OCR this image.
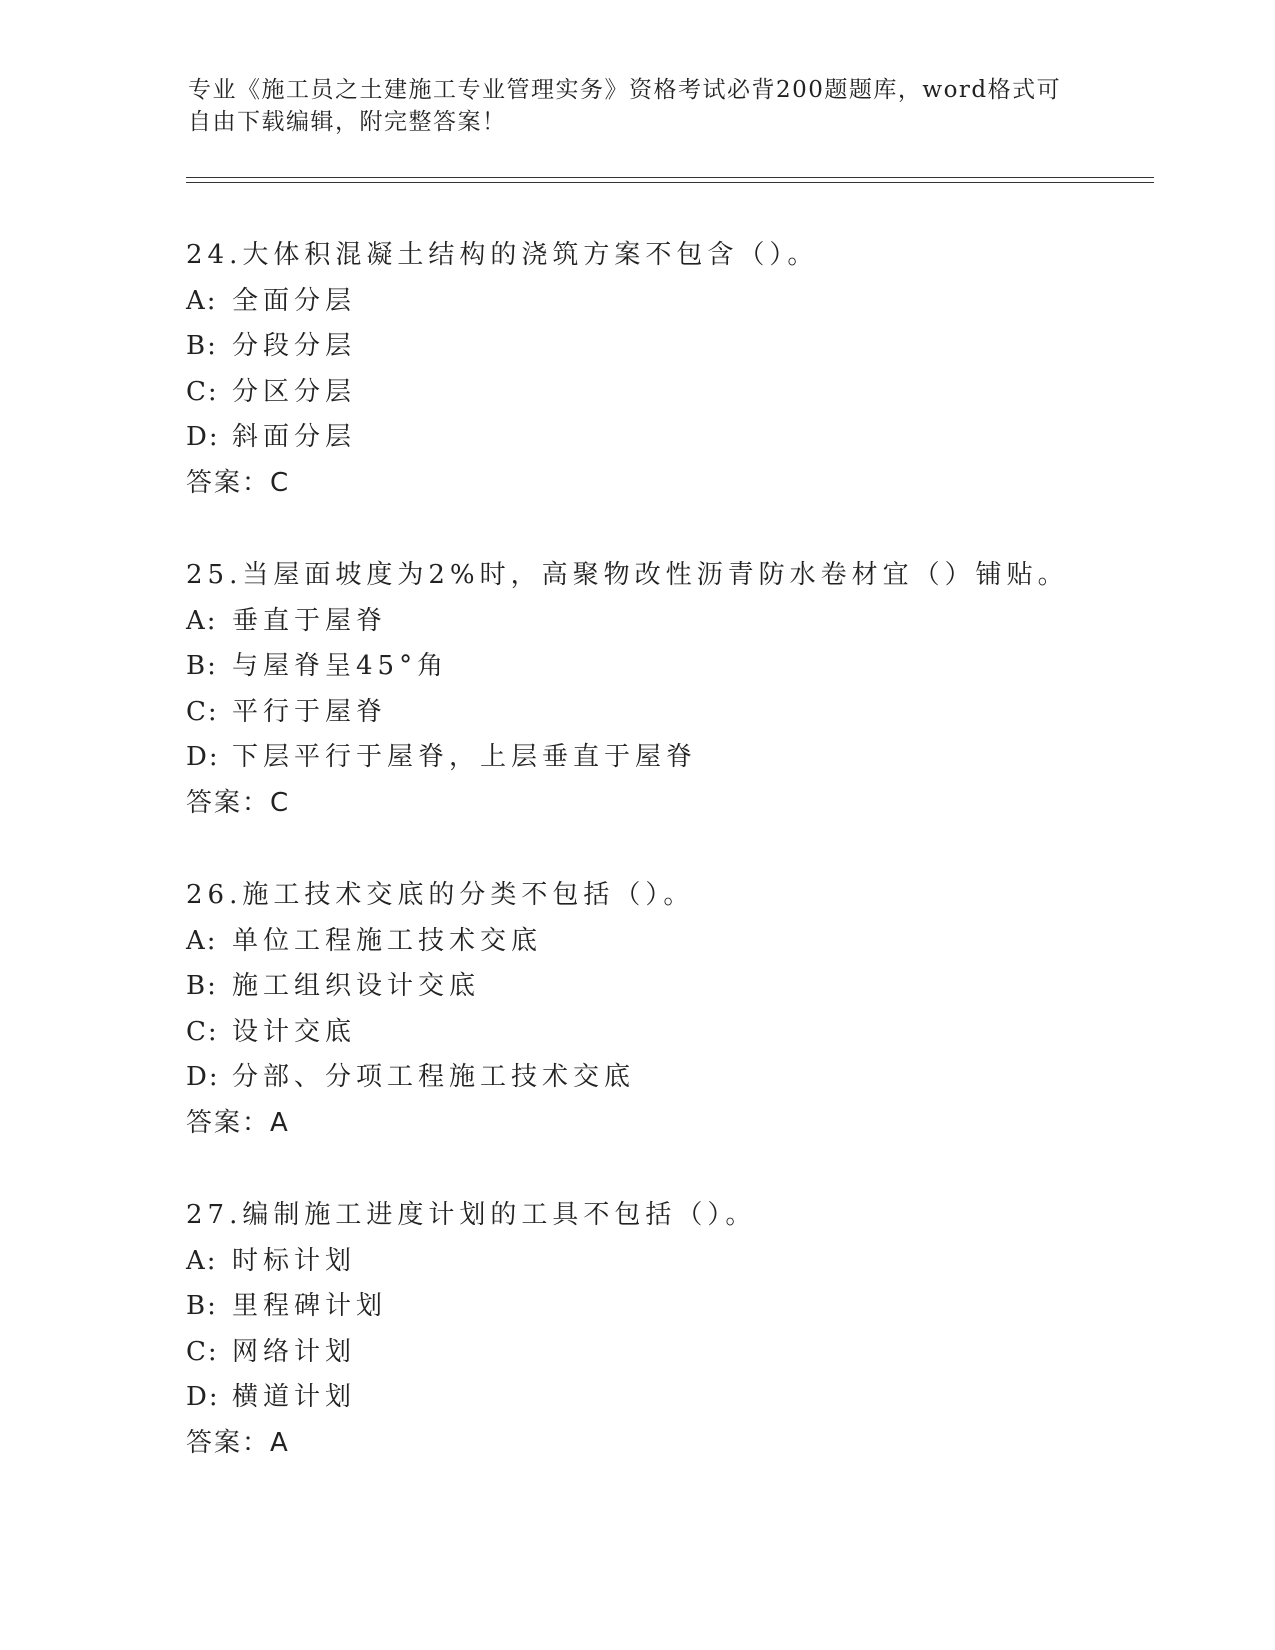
专业《施工员之土建施工专业管理实务》资格考试必背200题题库，word格式可
自由下载编辑，附完整答案！
24.大体积混凝土结构的浇筑方案不包含（）。
A: 全面分层
B: 分段分层
C: 分区分层
D: 斜面分层
答案：C
25.当屋面坡度为2%时，高聚物改性沥青防水卷材宜（）铺贴。
A: 垂直于屋脊
B: 与屋脊呈45°角
C: 平行于屋脊
D: 下层平行于屋脊，上层垂直于屋脊
答案：C
26.施工技术交底的分类不包括（）。
A: 单位工程施工技术交底
B: 施工组织设计交底
C: 设计交底
D: 分部、分项工程施工技术交底
答案：A
27.编制施工进度计划的工具不包括（）。
A: 时标计划
B: 里程碑计划
C: 网络计划
D: 横道计划
答案：A
